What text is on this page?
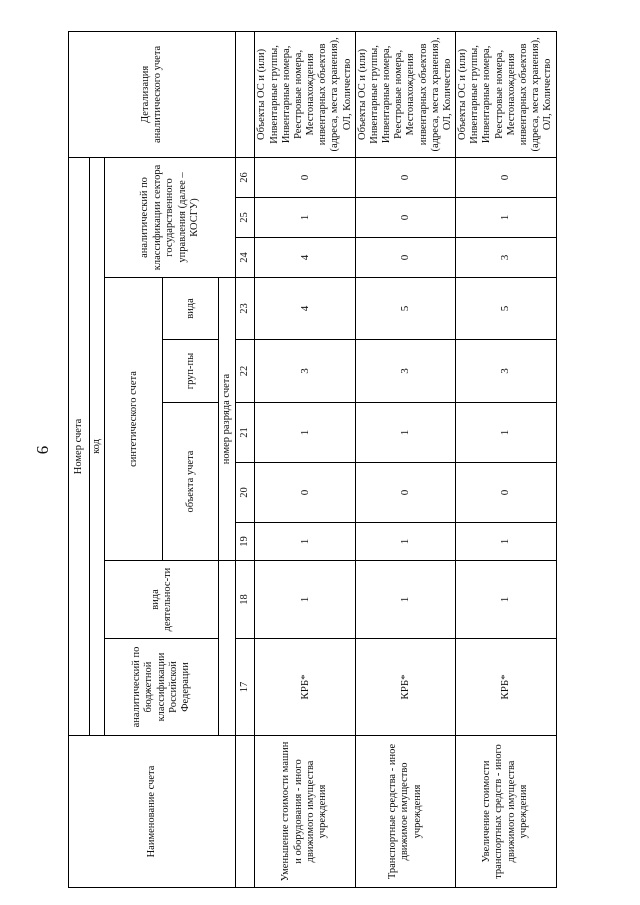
9
Наименование счета	Номер счета										Детализация аналитического учета
	код										
	аналитический по бюджетной классификации Российской Федерации	вида деятельнос-ти	синтетического счета					аналитический по классификации сектора государственного управления (далее – КОСГУ)			
			объекта учета			груп-пы	вида				
			номер разряда счета								
	17	18	19	20	21	22	23	24	25	26	
Уменьшение стоимости машин и оборудования - иного движимого имущества учреждения	КРБ*	1	1	0	1	3	4	4	1	0	Объекты ОС и (или) Инвентарные группы, Инвентарные номера, Реестровые номера, Местонахождения инвентарных объектов (адреса, места хранения), ОЛ, Количество
Транспортные средства - иное движимое имущество учреждения	КРБ*	1	1	0	1	3	5	0	0	0	Объекты ОС и (или) Инвентарные группы, Инвентарные номера, Реестровые номера, Местонахождения инвентарных объектов (адреса, места хранения), ОЛ, Количество
Увеличение стоимости транспортных средств - иного движимого имущества учреждения	КРБ*	1	1	0	1	3	5	3	1	0	Объекты ОС и (или) Инвентарные группы, Инвентарные номера, Реестровые номера, Местонахождения инвентарных объектов (адреса, места хранения), ОЛ, Количество
